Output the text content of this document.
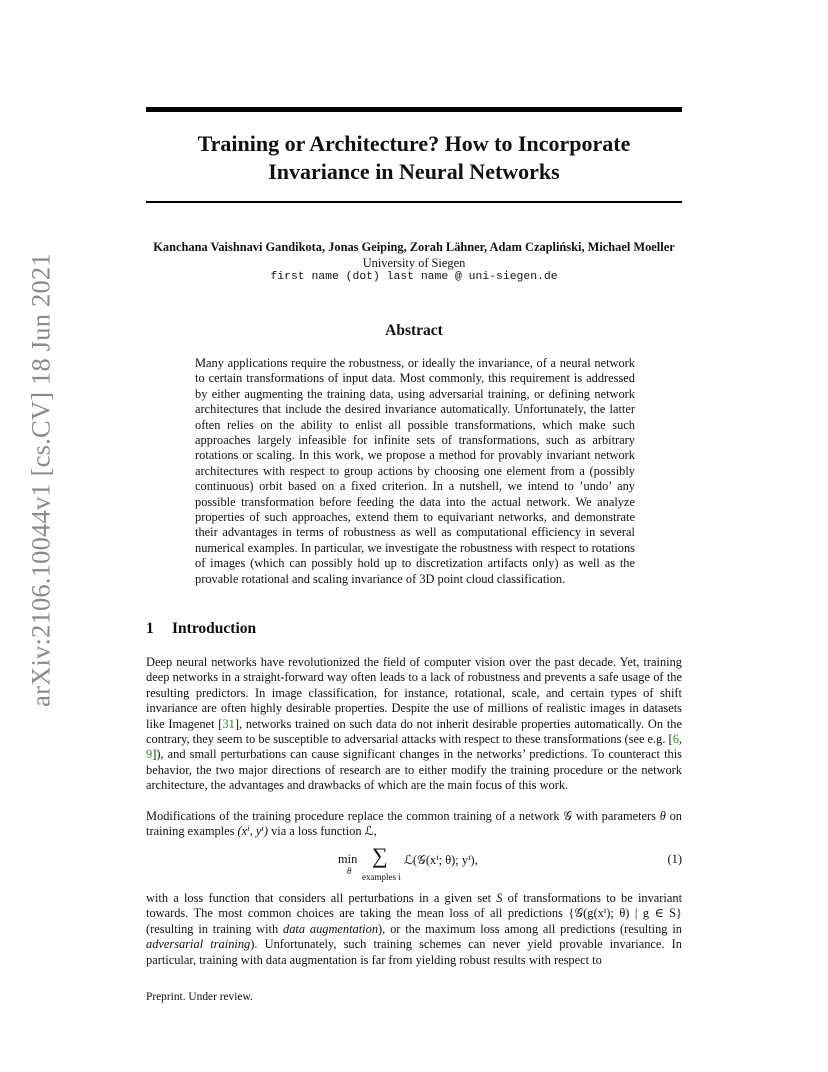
arXiv:2106.10044v1 [cs.CV] 18 Jun 2021
Training or Architecture? How to Incorporate
Invariance in Neural Networks
Kanchana Vaishnavi Gandikota, Jonas Geiping, Zorah Lähner, Adam Czapliński, Michael Moeller
University of Siegen
first name (dot) last name @ uni-siegen.de
Abstract
Many applications require the robustness, or ideally the invariance, of a neural network to certain transformations of input data. Most commonly, this requirement is addressed by either augmenting the training data, using adversarial training, or defining network architectures that include the desired invariance automatically. Unfortunately, the latter often relies on the ability to enlist all possible transformations, which make such approaches largely infeasible for infinite sets of transformations, such as arbitrary rotations or scaling. In this work, we propose a method for provably invariant network architectures with respect to group actions by choosing one element from a (possibly continuous) orbit based on a fixed criterion. In a nutshell, we intend to ’undo’ any possible transformation before feeding the data into the actual network. We analyze properties of such approaches, extend them to equivariant networks, and demonstrate their advantages in terms of robustness as well as computational efficiency in several numerical examples. In particular, we investigate the robustness with respect to rotations of images (which can possibly hold up to discretization artifacts only) as well as the provable rotational and scaling invariance of 3D point cloud classification.
1 Introduction
Deep neural networks have revolutionized the field of computer vision over the past decade. Yet, training deep networks in a straight-forward way often leads to a lack of robustness and prevents a safe usage of the resulting predictors. In image classification, for instance, rotational, scale, and certain types of shift invariance are often highly desirable properties. Despite the use of millions of realistic images in datasets like Imagenet [31], networks trained on such data do not inherit desirable properties automatically. On the contrary, they seem to be susceptible to adversarial attacks with respect to these transformations (see e.g. [6, 9]), and small perturbations can cause significant changes in the networks’ predictions. To counteract this behavior, the two major directions of research are to either modify the training procedure or the network architecture, the advantages and drawbacks of which are the main focus of this work.
Modifications of the training procedure replace the common training of a network 𝒢 with parameters θ on training examples (xⁱ, yⁱ) via a loss function ℒ,
min
θ
∑
examples i
ℒ(𝒢(xⁱ; θ); yⁱ),	(1)
with a loss function that considers all perturbations in a given set S of transformations to be invariant towards. The most common choices are taking the mean loss of all predictions {𝒢(g(xⁱ); θ) | g ∈ S} (resulting in training with data augmentation), or the maximum loss among all predictions (resulting in adversarial training). Unfortunately, such training schemes can never yield provable invariance. In particular, training with data augmentation is far from yielding robust results with respect to
Preprint. Under review.
